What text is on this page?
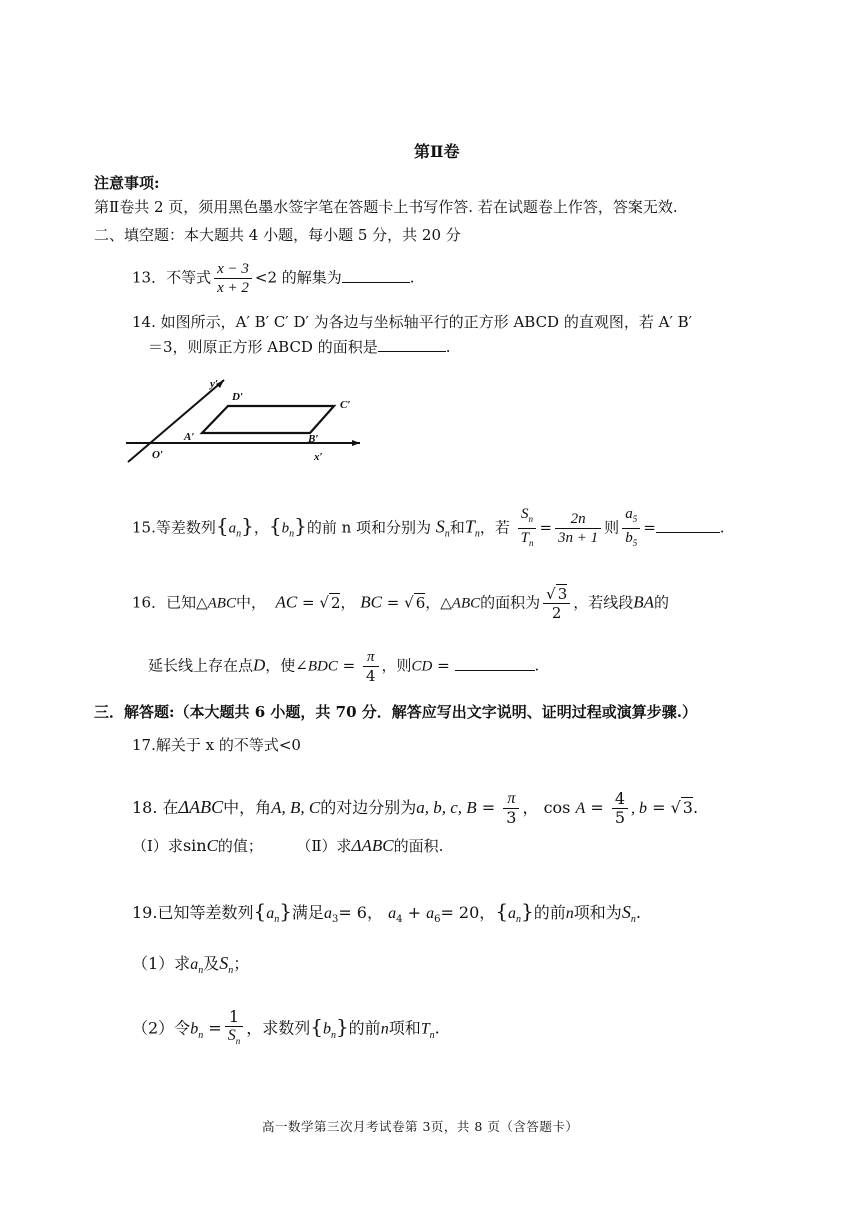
第Ⅱ卷
注意事项:
第Ⅱ卷共 2 页，须用黑色墨水签字笔在答题卡上书写作答. 若在试题卷上作答，答案无效.
二、填空题：本大题共 4 小题，每小题 5 分，共 20 分
13．不等式 $\frac{x - 3}{x + 2} <2$ 的解集为	.
14. 如图所示，A′ B′ C′ D′ 为各边与坐标轴平行的正方形 ABCD 的直观图，若 A′ B′
＝3，则原正方形 ABCD 的面积是	.
y′
D′
C′
A′	B′
O′	x′
15.等差数列$\{a_n\}$，$\{b_n\}$的前 n 项和分别为 $S_n$和$T_n$，若 $\frac{S_n}{T_n} = \frac{2n}{3n + 1}$ 则 $\frac{a_5}{b_5}$ =	.
16．已知△ABC中， AC = √ 2， BC = √ 6，△ABC的面积为 $\frac{√ 3}{2}$ ，若线段BA的
延长线上存在点D，使∠BDC = $\frac{\pi}{4}$ ，则CD =	.
三．解答题:（本大题共 6 小题，共 70 分．解答应写出文字说明、证明过程或演算步骤.）
17.解关于 x 的不等式<0
18. 在ΔABC中，角A, B, C的对边分别为a, b, c, $B = \frac{\pi}{3}$ ， $\cos A = \frac{4}{5}$ , b = √ 3.
（Ⅰ）求sinC的值； （Ⅱ）求ΔABC的面积.
19.已知等差数列$\{a_n\}$满足$a_3= 6$， $a_4 + a_6= 20$，$\{a_n\}$的前n项和为$S_n$.
（1）求$a_n$及$S_n$；
（2）令$b_n = \frac{1}{S_n}$ ，求数列$\{b_n\}$的前n项和$T_n$.
高一数学第三次月考试卷第 3页，共 8 页（含答题卡）
